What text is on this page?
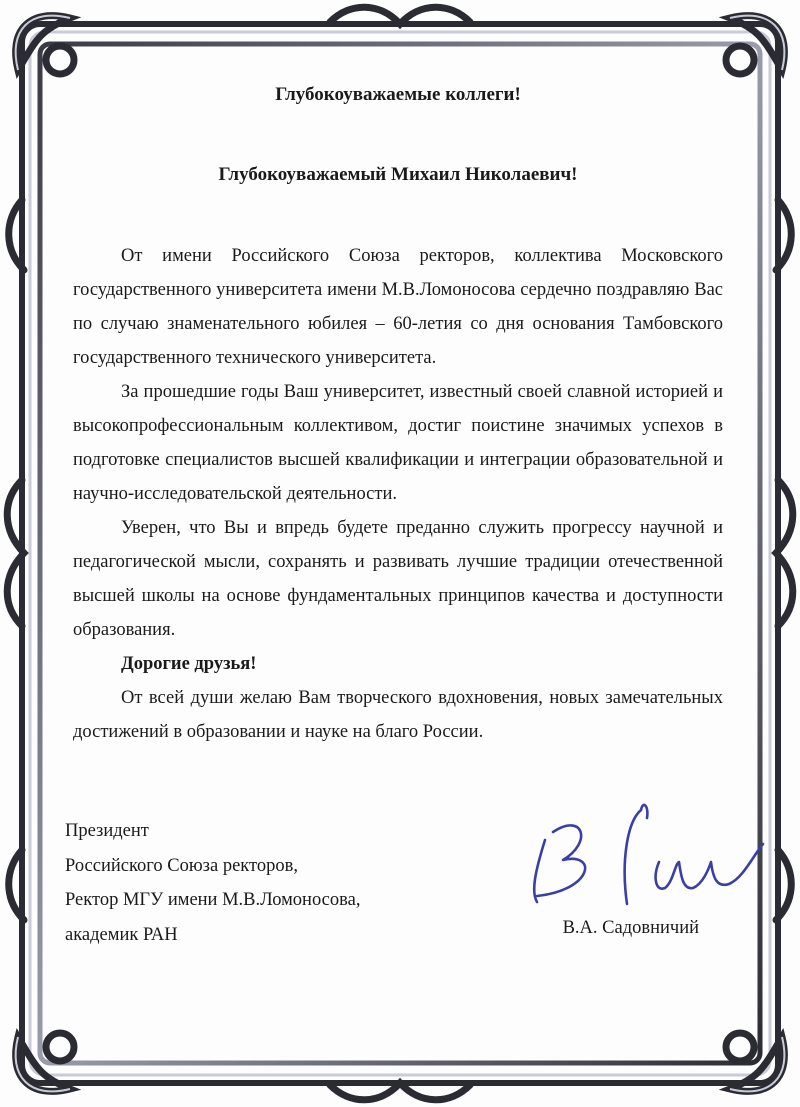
Глубокоуважаемые коллеги!
Глубокоуважаемый Михаил Николаевич!

От имени Российского Союза ректоров, коллектива Московского государственного университета имени М.В.Ломоносова сердечно поздравляю Вас по случаю знаменательного юбилея – 60-летия со дня основания Тамбовского государственного технического университета.

За прошедшие годы Ваш университет, известный своей славной историей и высокопрофессиональным коллективом, достиг поистине значимых успехов в подготовке специалистов высшей квалификации и интеграции образовательной и научно-исследовательской деятельности.

Уверен, что Вы и впредь будете преданно служить прогрессу научной и педагогической мысли, сохранять и развивать лучшие традиции отечественной высшей школы на основе фундаментальных принципов качества и доступности образования.

Дорогие друзья!

От всей души желаю Вам творческого вдохновения, новых замечательных достижений в образовании и науке на благо России.

Президент
Российского Союза ректоров,
Ректор МГУ имени М.В.Ломоносова,
академик РАН	В.А. Садовничий
